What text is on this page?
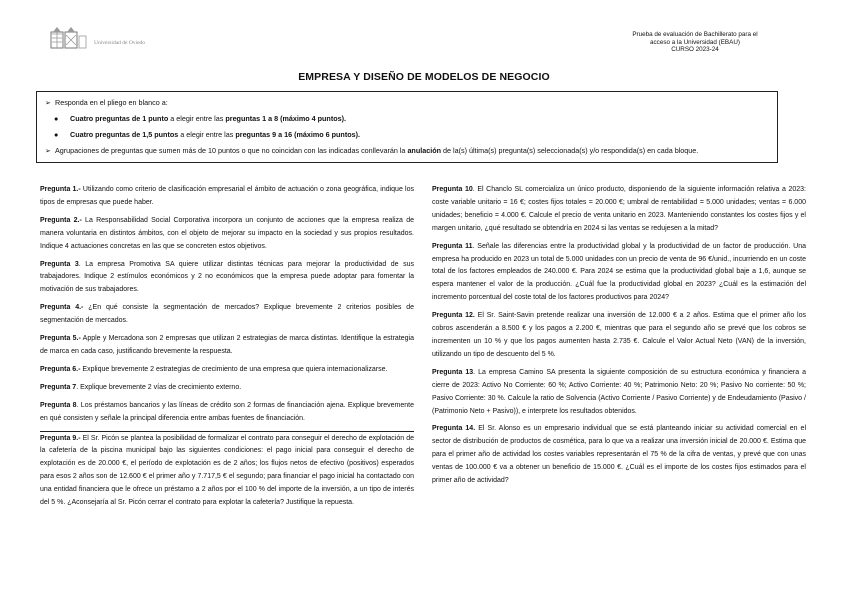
Universidad de Oviedo
Prueba de evaluación de Bachillerato para el
acceso a la Universidad (EBAU)
CURSO 2023-24
EMPRESA Y DISEÑO DE MODELOS DE NEGOCIO
➢ Responda en el pliego en blanco a:
● Cuatro preguntas de 1 punto a elegir entre las preguntas 1 a 8 (máximo 4 puntos).
● Cuatro preguntas de 1,5 puntos a elegir entre las preguntas 9 a 16 (máximo 6 puntos).
➢ Agrupaciones de preguntas que sumen más de 10 puntos o que no coincidan con las indicadas conllevarán la anulación de la(s) última(s) pregunta(s) seleccionada(s) y/o respondida(s) en cada bloque.

Pregunta 1.- Utilizando como criterio de clasificación empresarial el ámbito de actuación o zona geográfica, indique los tipos de empresas que puede haber.

Pregunta 2.- La Responsabilidad Social Corporativa incorpora un conjunto de acciones que la empresa realiza de manera voluntaria en distintos ámbitos, con el objeto de mejorar su impacto en la sociedad y sus propios resultados. Indique 4 actuaciones concretas en las que se concreten estos objetivos.

Pregunta 3. La empresa Promotiva SA quiere utilizar distintas técnicas para mejorar la productividad de sus trabajadores. Indique 2 estímulos económicos y 2 no económicos que la empresa puede adoptar para fomentar la motivación de sus trabajadores.

Pregunta 4.- ¿En qué consiste la segmentación de mercados? Explique brevemente 2 criterios posibles de segmentación de mercados.

Pregunta 5.- Apple y Mercadona son 2 empresas que utilizan 2 estrategias de marca distintas. Identifique la estrategia de marca en cada caso, justificando brevemente la respuesta.

Pregunta 6.- Explique brevemente 2 estrategias de crecimiento de una empresa que quiera internacionalizarse.

Pregunta 7. Explique brevemente 2 vías de crecimiento externo.

Pregunta 8. Los préstamos bancarios y las líneas de crédito son 2 formas de financiación ajena. Explique brevemente en qué consisten y señale la principal diferencia entre ambas fuentes de financiación.

Pregunta 9.- El Sr. Picón se plantea la posibilidad de formalizar el contrato para conseguir el derecho de explotación de la cafetería de la piscina municipal bajo las siguientes condiciones: el pago inicial para conseguir el derecho de explotación es de 20.000 €, el período de explotación es de 2 años; los flujos netos de efectivo (positivos) esperados para esos 2 años son de 12.600 € el primer año y 7.717,5 € el segundo; para financiar el pago inicial ha contactado con una entidad financiera que le ofrece un préstamo a 2 años por el 100 % del importe de la inversión, a un tipo de interés del 5 %. ¿Aconsejaría al Sr. Picón cerrar el contrato para explotar la cafetería? Justifique la repuesta.

Pregunta 10. El Chanclo SL comercializa un único producto, disponiendo de la siguiente información relativa a 2023: coste variable unitario = 16 €; costes fijos totales = 20.000 €; umbral de rentabilidad = 5.000 unidades; ventas = 6.000 unidades; beneficio = 4.000 €. Calcule el precio de venta unitario en 2023. Manteniendo constantes los costes fijos y el margen unitario, ¿qué resultado se obtendría en 2024 si las ventas se redujesen a la mitad?

Pregunta 11. Señale las diferencias entre la productividad global y la productividad de un factor de producción. Una empresa ha producido en 2023 un total de 5.000 unidades con un precio de venta de 96 €/unid., incurriendo en un coste total de los factores empleados de 240.000 €. Para 2024 se estima que la productividad global baje a 1,6, aunque se espera mantener el valor de la producción. ¿Cuál fue la productividad global en 2023? ¿Cuál es la estimación del incremento porcentual del coste total de los factores productivos para 2024?

Pregunta 12. El Sr. Saint-Savin pretende realizar una inversión de 12.000 € a 2 años. Estima que el primer año los cobros ascenderán a 8.500 € y los pagos a 2.200 €, mientras que para el segundo año se prevé que los cobros se incrementen un 10 % y que los pagos aumenten hasta 2.735 €. Calcule el Valor Actual Neto (VAN) de la inversión, utilizando un tipo de descuento del 5 %.

Pregunta 13. La empresa Camino SA presenta la siguiente composición de su estructura económica y financiera a cierre de 2023: Activo No Corriente: 60 %; Activo Corriente: 40 %; Patrimonio Neto: 20 %; Pasivo No corriente: 50 %; Pasivo Corriente: 30 %. Calcule la ratio de Solvencia (Activo Corriente / Pasivo Corriente) y de Endeudamiento (Pasivo / (Patrimonio Neto + Pasivo)), e interprete los resultados obtenidos.

Pregunta 14. El Sr. Alonso es un empresario individual que se está planteando iniciar su actividad comercial en el sector de distribución de productos de cosmética, para lo que va a realizar una inversión inicial de 20.000 €. Estima que para el primer año de actividad los costes variables representarán el 75 % de la cifra de ventas, y prevé que con unas ventas de 100.000 € va a obtener un beneficio de 15.000 €. ¿Cuál es el importe de los costes fijos estimados para el primer año de actividad?
